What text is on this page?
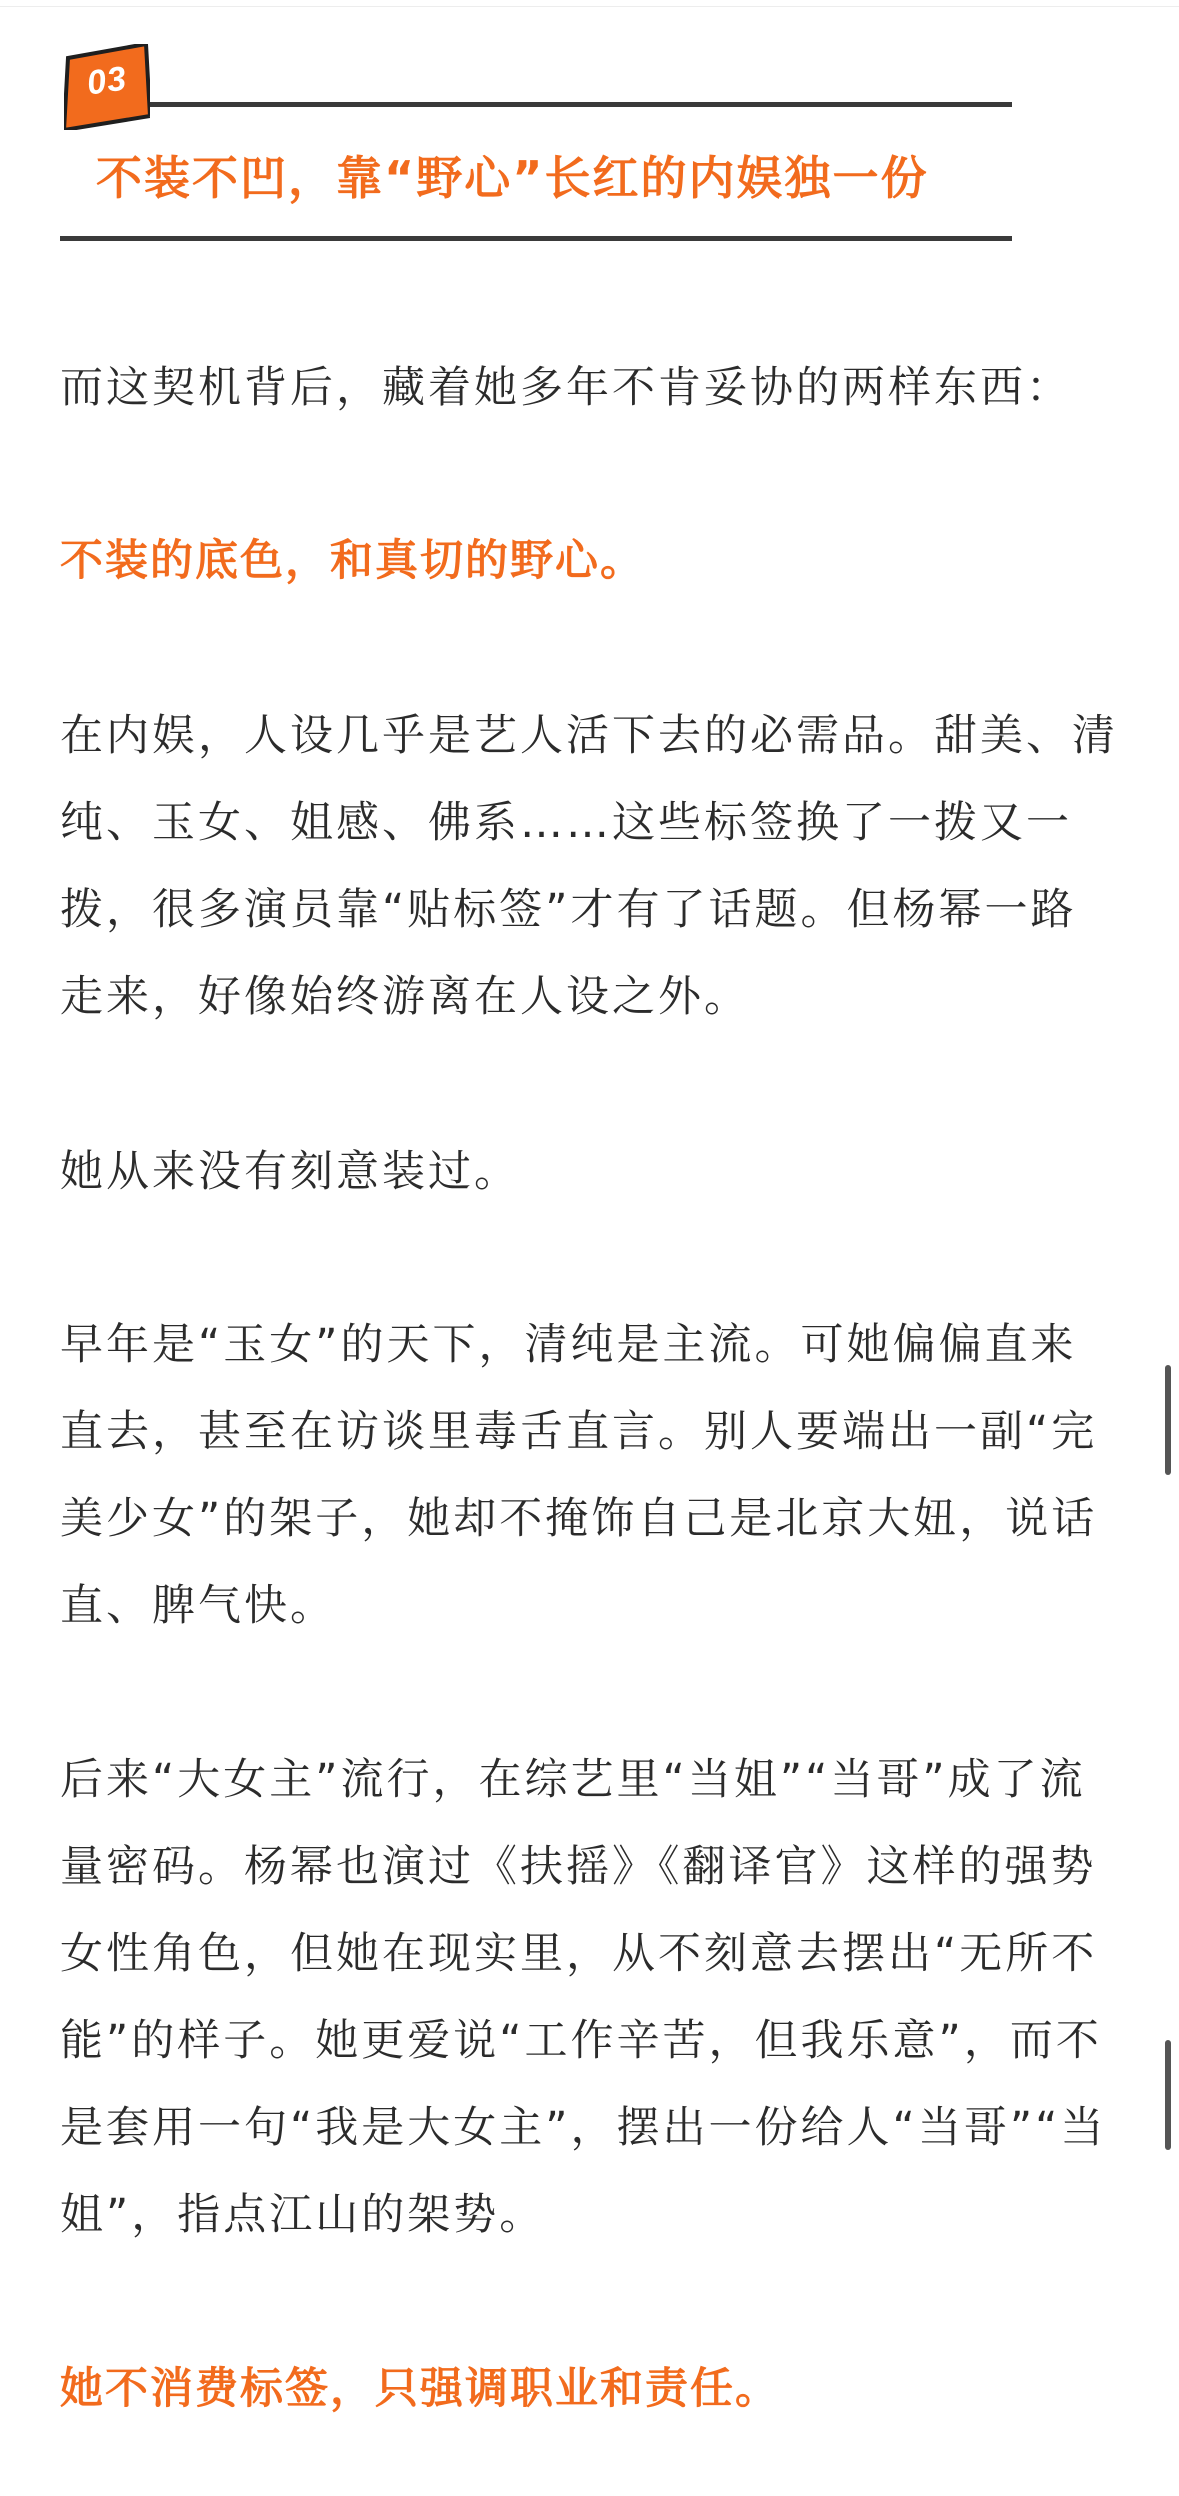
03
不装不凹，靠“野心”长红的内娱独一份

而这契机背后，藏着她多年不肯妥协的两样东西：

不装的底色，和真切的野心。

在内娱，人设几乎是艺人活下去的必需品。甜美、清纯、玉女、姐感、佛系……这些标签换了一拨又一拨，很多演员靠“贴标签”才有了话题。但杨幂一路走来，好像始终游离在人设之外。

她从来没有刻意装过。

早年是“玉女”的天下，清纯是主流。可她偏偏直来直去，甚至在访谈里毒舌直言。别人要端出一副“完美少女”的架子，她却不掩饰自己是北京大妞，说话直、脾气快。

后来“大女主”流行，在综艺里“当姐”“当哥”成了流量密码。杨幂也演过《扶摇》《翻译官》这样的强势女性角色，但她在现实里，从不刻意去摆出“无所不能”的样子。她更爱说“工作辛苦，但我乐意”，而不是套用一句“我是大女主”，摆出一份给人“当哥”“当姐”，指点江山的架势。

她不消费标签，只强调职业和责任。
